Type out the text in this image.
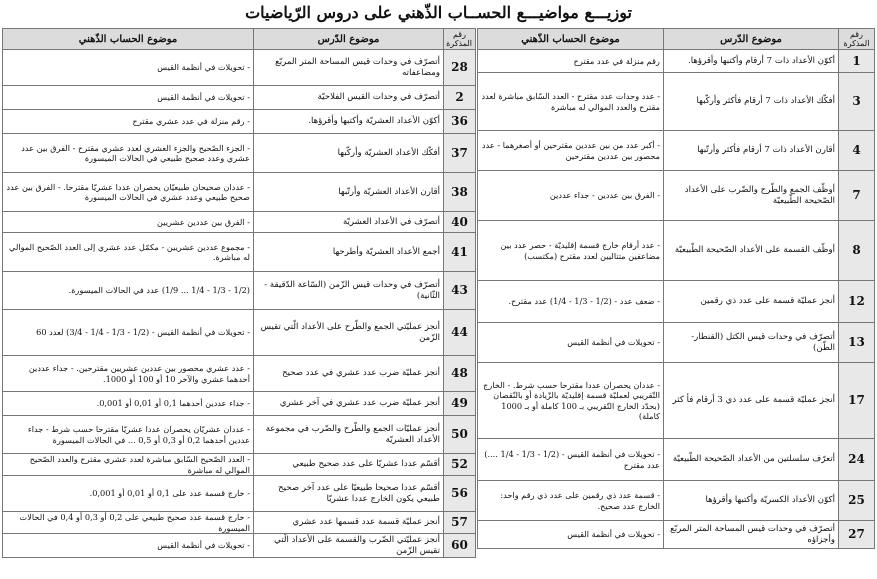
توزيـــع مواضيـــع الحســاب الذّهني على دروس الرّياضيات
رقم المذكرة	موضوع الدّرس	موضوع الحساب الذّهني
1	أكوّن الأعداد ذات 7 أرقام وأكتبها وأقرؤها.	رقم منزلة في عدد مقترح
3	أفكّك الأعداد ذات 7 أرقام فأكثر وأركّبها	- عدد وحدات عدد مقترح - العدد السّابق مباشرة لعدد مقترح والعدد الموالي له مباشرة
4	أقارن الأعداد ذات 7 أرقام فأكثر وأرتّبها	- أكبر عدد من بين عددين مقترحين أو أصغرهما - عدد محصور بين عددين مقترحين
7	أوظّف الجمع والطّرح والضّرب على الأعداد الصّحيحة الطّبيعيّة	- الفرق بين عددين - جداء عددين
8	أوظّف القسمة على الأعداد الصّحيحة الطّبيعيّة	- عدد أرقام خارج قسمة إقليديّة - حصر عدد بين مضاعفين متتاليين لعدد مقترح (مكتسب)
12	أنجز عمليّة قسمة على عدد ذي رقمين	- ضعف عدد - (1/2 - 1/3 - 1/4) عدد مقترح.
13	أتصرّف في وحدات قيس الكتل (القنطار- الطّن)	- تحويلات في أنظمة القيس
17	أنجز عمليّة قسمة على عدد ذي 3 أرقام فأ كثر	- عددان يحصران عددا مقترحا حسب شرط. - الخارج التّقريبي لعمليّة قسمة إقليديّة بالزّيادة أو بالنّقصان (بحدّد الخارج التّقريبي بـ 100 كاملة أو بـ 1000 كاملة)
24	أتعرّف سلسلتين من الأعداد الصّحيحة الطّبيعيّة	- تحويلات في أنظمة القيس - (1/2 - 1/3 - 1/4 ....) عدد مقترح
25	أكوّن الأعداد الكسريّة وأكتبها وأقرؤها	- قسمة عدد ذي رقمين على عدد ذي رقم واحد: الخارج عدد صحيح.
27	أتصرّف في وحدات قيس المساحة المتر المربّع وأجزاؤه	- تحويلات في أنظمة القيس
رقم المذكرة	موضوع الدّرس	موضوع الحساب الذّهني
28	أتصرّف في وحدات قيس المساحة المتر المربّع ومضاعفاته	- تحويلات في أنظمة القيس
2	أتصرّف في وحدات القيس الفلاحيّة	- تحويلات في أنظمة القيس
36	أكوّن الأعداد العشريّة وأكتبها وأقرؤها.	- رقم منزلة في عدد عشري مقترح
37	أفكّك الأعداد العشريّة وأركّبها	- الجزء الصّحيح والجزء العشري لعدد عشري مقترح - الفرق بين عدد عشري وعدد صحيح طبيعي في الحالات الميسورة
38	أقارن الأعداد العشريّة وأرتّبها	- عددان صحيحان طبيعيّان يحصران عددا عشريّا مقترحا. - الفرق بين عدد صحيح طبيعي وعدد عشري في الحالات الميسورة
40	أتصرّف في الأعداد العشريّة	- الفرق بين عددين عشريين
41	أجمع الأعداد العشريّة وأطرحها	- مجموع عددين عشريين - مكمّل عدد عشري إلى العدد الصّحيح الموالي له مباشرة.
43	أتصرّف في وحدات قيس الزّمن (السّاعة الدّقيقة - الثّانية)	(1/2 - 1/3 - 1/4 ... 1/9) عدد في الحالات الميسورة.
44	أنجز عمليّتي الجمع والطّرح على الأعداد الّتي تقيس الزّمن	- تحويلات في أنظمة القيس - (1/2 - 1/3 - 1/4 - 3/4) لعدد 60
48	أنجز عمليّة ضرب عدد عشري في عدد صحيح	- عدد عشري محصور بين عددين عشريين مقترحين. - جداء عددين أحدهما عشري والآخر 10 أو 100 أو 1000.
49	أنجز عمليّة ضرب عدد عشري في آخر عشري	- جداء عددين أحدهما 0,1 أو 0,01 أو 0,001.
50	أنجز عمليّات الجمع والطّرح والضّرب في مجموعة الأعداد العشريّة	- عددان عشريّان يحصران عددا عشريّا مقترحا حسب شرط - جداء عددين أحدهما 0,2 أو 0,3 أو 0,5 ... في الحالات الميسورة
52	أقسّم عددا عشريّا على عدد صحيح طبيعي	- العدد الصّحيح السّابق مباشرة لعدد عشري مقترح والعدد الصّحيح الموالي له مباشرة
56	أقسّم عددا صحيحا طبيعيّا على عدد آخر صحيح طبيعي يكون الخارج عددا عشريّا	- خارج قسمة عدد على 0,1 أو 0,01 أو 0,001.
57	أنجز عمليّة قسمة عدد قسمها عدد عشري	- خارج قسمة عدد صحيح طبيعي على 0,2 أو 0,3 أو 0,4 في الحالات الميسورة
60	أنجز عمليّتي الضّرب والقسمة على الأعداد الّتي تقيس الزّمن	- تحويلات في أنظمة القيس
